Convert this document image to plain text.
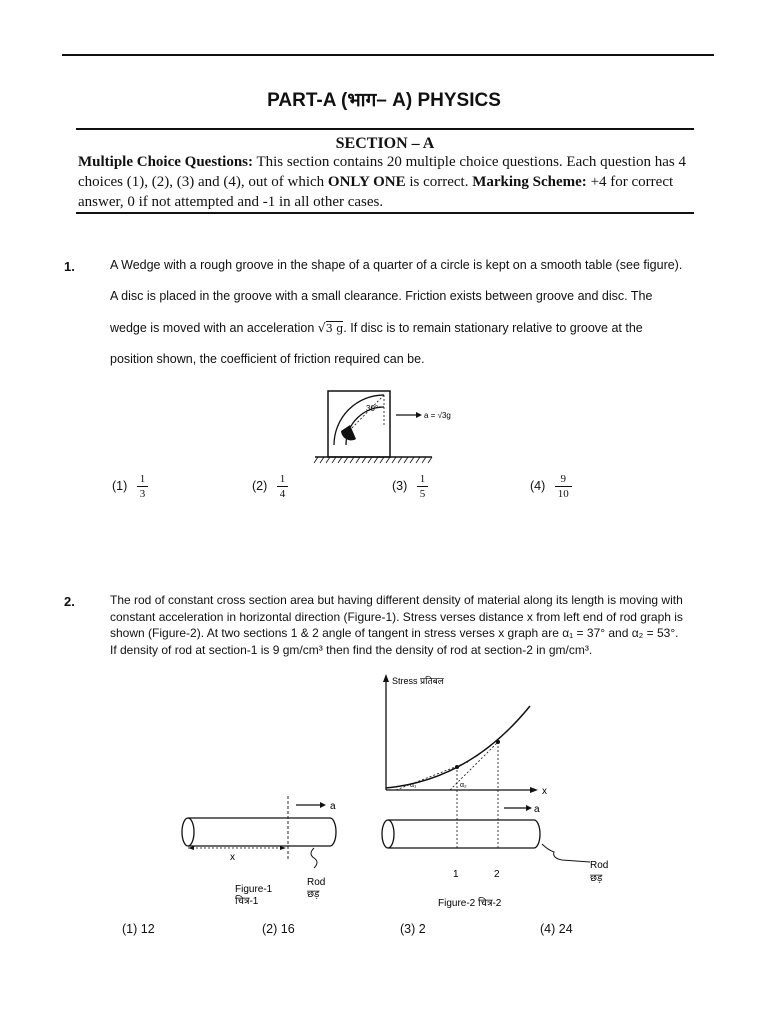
PART-A (भाग– A) PHYSICS
SECTION – A
Multiple Choice Questions: This section contains 20 multiple choice questions. Each question has 4 choices (1), (2), (3) and (4), out of which ONLY ONE is correct. Marking Scheme: +4 for correct answer, 0 if not attempted and -1 in all other cases.
1.	A Wedge with a rough groove in the shape of a quarter of a circle is kept on a smooth table (see figure).
A disc is placed in the groove with a small clearance. Friction exists between groove and disc. The
wedge is moved with an acceleration √3 g. If disc is to remain stationary relative to groove at the
position shown, the coefficient of friction required can be.
30°
a = √3g
$(1) \frac{1}{3}$	$(2) \frac{1}{4}$	$(3) \frac{1}{5}$	$(4) \frac{9}{10}$
2.	The rod of constant cross section area but having different density of material along its length is moving with
constant acceleration in horizontal direction (Figure-1). Stress verses distance x from left end of rod graph is
shown (Figure-2). At two sections 1 & 2 angle of tangent in stress verses x graph are α₁ = 37° and α₂ = 53°.
If density of rod at section-1 is 9 gm/cm³ then find the density of rod at section-2 in gm/cm³.
a
x
Rod
छड़
Figure-1
चित्र-1
Stress प्रतिबल
x
α₁	α₂
a
1	2
Rod
छड़
Figure-2 चित्र-2
(1) 12	(2) 16	(3) 2	(4) 24
